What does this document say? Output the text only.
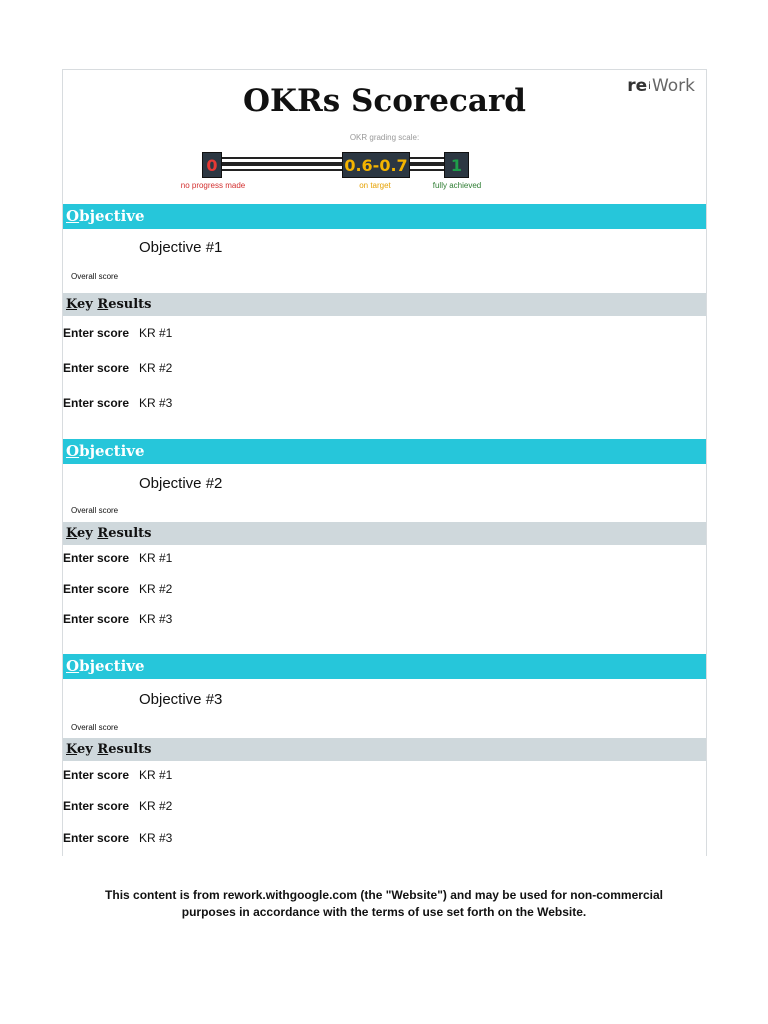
reiWork
OKRs Scorecard
OKR grading scale:
0	0.6-0.7	1
no progress made	on target	fully achieved
Objective
Objective #1
Overall score
Key Results
Enter score KR #1
Enter score KR #2
Enter score KR #3
Objective
Objective #2
Overall score
Key Results
Enter score KR #1
Enter score KR #2
Enter score KR #3
Objective
Objective #3
Overall score
Key Results
Enter score KR #1
Enter score KR #2
Enter score KR #3
This content is from rework.withgoogle.com (the "Website") and may be used for non-commercial
purposes in accordance with the terms of use set forth on the Website.
